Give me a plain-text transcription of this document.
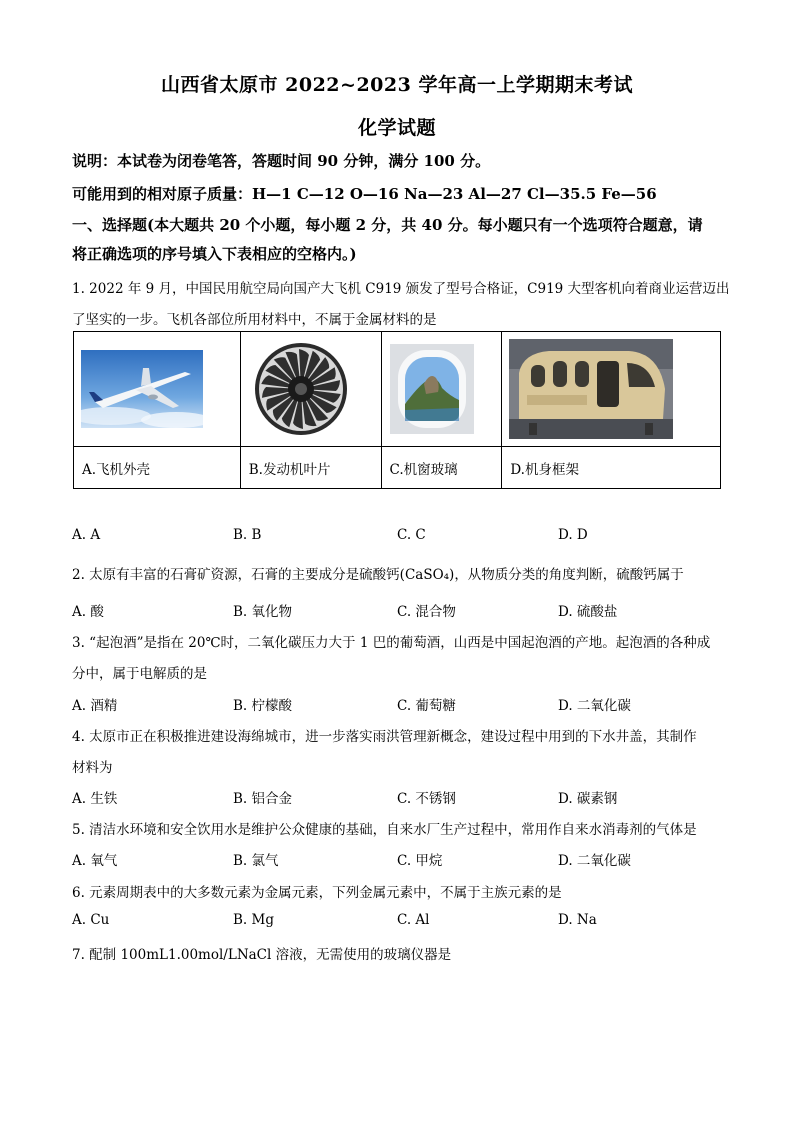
山西省太原市 2022~2023 学年高一上学期期末考试
化学试题
说明：本试卷为闭卷笔答，答题时间 90 分钟，满分 100 分。
可能用到的相对原子质量：H—1 C—12 O—16 Na—23 Al—27 Cl—35.5 Fe—56
一、选择题(本大题共 20 个小题，每小题 2 分，共 40 分。每小题只有一个选项符合题意，请
将正确选项的序号填入下表相应的空格内。)
1. 2022 年 9 月，中国民用航空局向国产大飞机 C919 颁发了型号合格证，C919 大型客机向着商业运营迈出
了坚实的一步。飞机各部位所用材料中，不属于金属材料的是

A.飞机外壳	B.发动机叶片	C.机窗玻璃	D.机身框架
A. A	B. B	C. C	D. D
2. 太原有丰富的石膏矿资源，石膏的主要成分是硫酸钙(CaSO₄)，从物质分类的角度判断，硫酸钙属于
A. 酸	B. 氧化物	C. 混合物	D. 硫酸盐
3. “起泡酒”是指在 20℃时，二氧化碳压力大于 1 巴的葡萄酒，山西是中国起泡酒的产地。起泡酒的各种成
分中，属于电解质的是
A. 酒精	B. 柠檬酸	C. 葡萄糖	D. 二氧化碳
4. 太原市正在积极推进建设海绵城市，进一步落实雨洪管理新概念，建设过程中用到的下水井盖，其制作
材料为
A. 生铁	B. 铝合金	C. 不锈钢	D. 碳素钢
5. 清洁水环境和安全饮用水是维护公众健康的基础，自来水厂生产过程中，常用作自来水消毒剂的气体是
A. 氧气	B. 氯气	C. 甲烷	D. 二氧化碳
6. 元素周期表中的大多数元素为金属元素，下列金属元素中，不属于主族元素的是
A. Cu	B. Mg	C. Al	D. Na
7. 配制 100mL1.00mol/LNaCl 溶液，无需使用的玻璃仪器是
